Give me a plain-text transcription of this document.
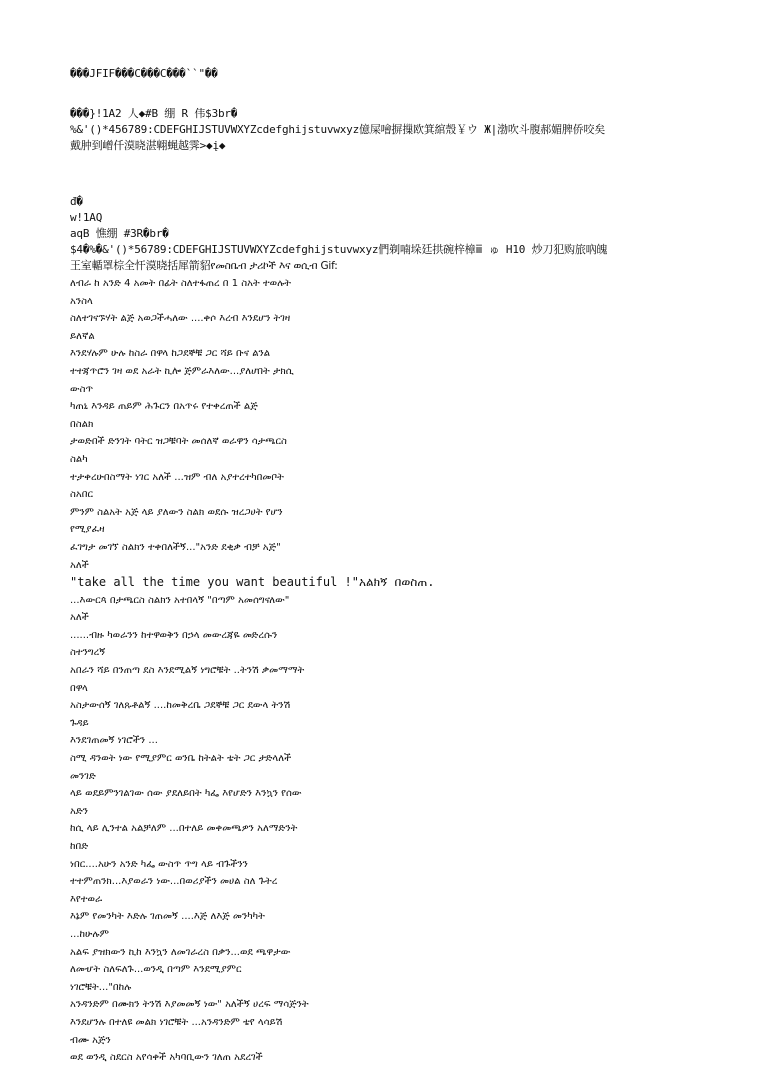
���JFIF���C���C���``"��
���}!1A2 人◆#B 绷 R 伟$3br�
%&'()*456789:CDEFGHIJSTUVWXYZcdefghijstuvwxyz億屎噲摒摷欧箕綰殼￥ウ Ж|渤吹斗腹郝媚脾侨咬矣
戴肿到嶒仟漠晓湛翺蝇越霁>◆į◆
đ�
w!1AQ
aqB 憔绷 #3R�br�
$4�%�&'()*56789:CDEFGHIJSTUVWXYZcdefghijstuvwxyz們剃喃垛廷拱碗梓樟ⅲ ゅ H10 炒刀犯购旅吶魄
王室輴罩棕全忓漠晓括犀箭貂የመስቤብ ታሪኮች እና ወሲብ Gif:
ለብራ ከ አንድ 4 አመት በፊት ስለተፋጠረ በ 1 ስአት ተወሉት
አንስላ
ስለተገናኙሃት ልጅ አወጋችሓለው ....ቀሶ እረብ እንደሆን ትገዛ
ይለኛል
እንደሃሉም ሁሉ ከስራ በዋላ ከጋደኞቹ ጋር ሻይ ቡና ልንል
ተተጃጥሮን ገዛ ወደ አራት ኪሎ ጅምራእለው...ያለሆበት ታክሲ
ውስጥ
ካጠኒ እንዳይ ጠይም ሕጉርን በአጥሩ የተቀረጠች ልጅ
በስልክ
ታወድበች ድንገት ባትር ዝጋቹባት መሰለኛ ወራዋን ሳታጫርስ
ስልካ
ተታቀረሁበስማት ነገር አለች ...ዝም ብለ አያተረተካበመቦት
ስአበር
ምንም ስልአት አጅ ላይ ያለውን ስልክ ወደሱ ዝረጋሀት የሆን
የሚያፈዛ
ፈገግታ መገኘ ስልክን ተቀበለችኝ..."አንድ ደቂቃ ብቻ አጅ"
አለች
"take all the time you want beautiful !"አልክኝ በወስጠ.
...እውርጳ በታጫርስ ስልክን አተበላኝ "በጣም አመሰግናለው"
አለች
......ብዙ ካወራንን ከተዋወቅን በኃላ መውረጃዬ መድረሱን
ስተንግረኝ
አበራን ሻይ በንጠጣ ደስ እንደሚልኝ ነግሮቹት ..ትንሽ ቃመማማት
በዋላ
አስታውሰኝ ገለጹቶልኝ ....ከመቅረቤ ጋደኞቹ ጋር ደውላ ትንሽ
ጉዳይ
እንደገጠመኝ ነገሮችን ...
ስሚ ዳንወት ነው የሚያምር ወንቤ ከትልት ቴት ጋር ታድላለች
መንገድ
ላይ ወደይምንገልገው ሰው ያደለይበት ካፌ እየሆድን እንኳን የሰው
አድን
ከሲ ላይ ሊንተል አልቻለም ...በተለይ መቀመጫዎን አለማድንት
ከበድ
ነበር....አሁን አንድ ካፌ ውስጥ ጥግ ላይ ብጉችንን
ተተምጠንክ...እያወራን ነው...በወሪያችን መሀል ስለ ጉትረ
እየተወራ
እኔም የመንካት እድሉ ገጠመኝ ....እጅ ለእጅ መንካካት
...ከሁሉም
አልፍ ያዝክውን ኪከ እንኳን ለመገራረስ በቃን...ወደ ጫዋታው
ለመሇት ስለፍለጉ...ወንዲ በጣም እንደሚያምር
ነገሮቹት..."በከሉ
አንዳንድም በሙክን ትንሽ እያመመኝ ነው" አለችኝ ሀረፍ ማሳጅንት
እንደሆንሉ በተለዩ መልክ ነገሮቹት ...አንዳንድም ቴየ ላሳይሽ
ብሙ አጅን
ወደ ወንዲ ስደርስ አየሳቀች አካባቢውን ገለጠ አደረገች
